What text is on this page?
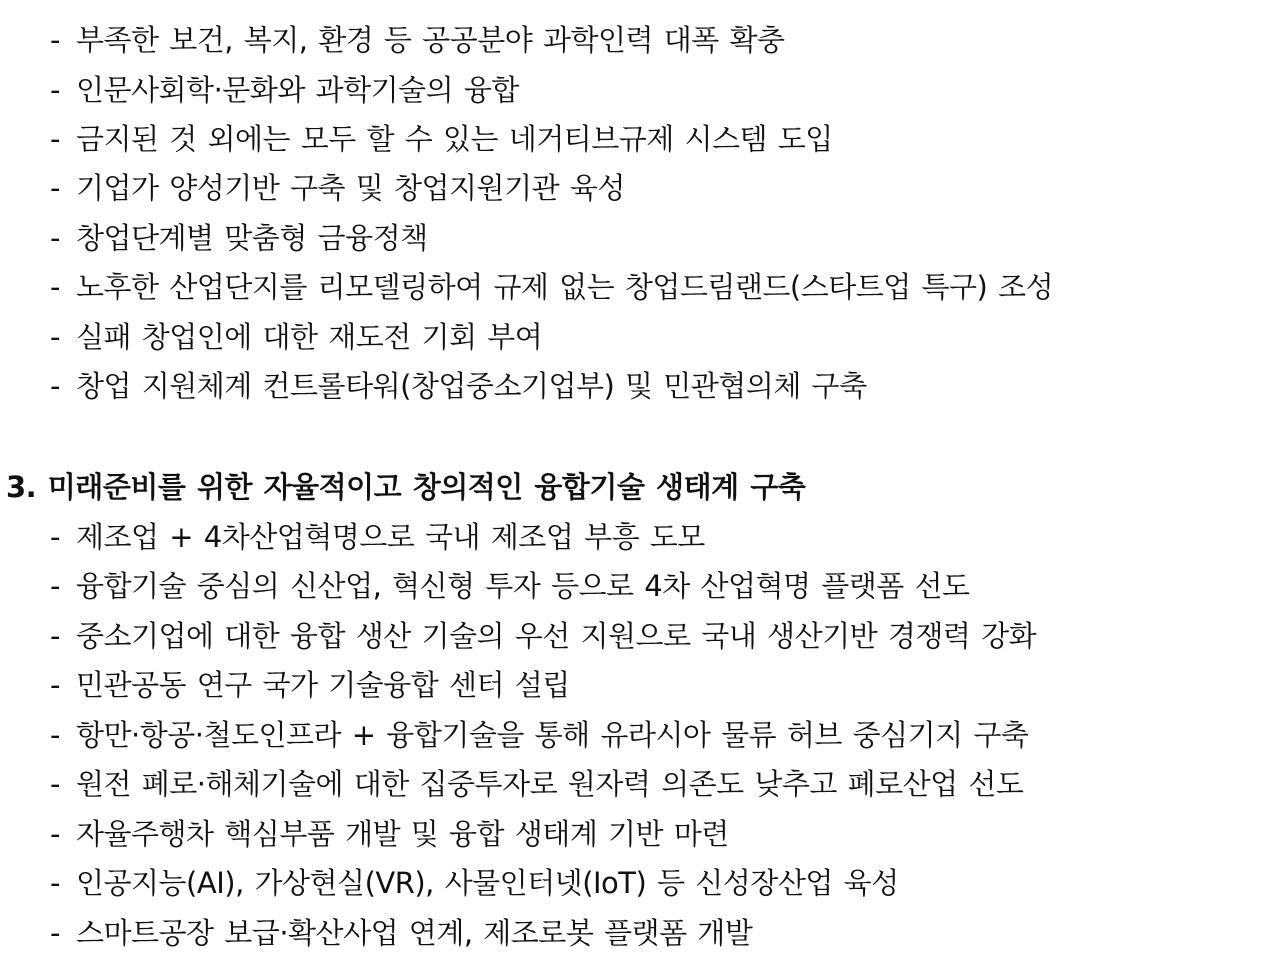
- 부족한 보건, 복지, 환경 등 공공분야 과학인력 대폭 확충
- 인문사회학·문화와 과학기술의 융합
- 금지된 것 외에는 모두 할 수 있는 네거티브규제 시스템 도입
- 기업가 양성기반 구축 및 창업지원기관 육성
- 창업단계별 맞춤형 금융정책
- 노후한 산업단지를 리모델링하여 규제 없는 창업드림랜드(스타트업 특구) 조성
- 실패 창업인에 대한 재도전 기회 부여
- 창업 지원체계 컨트롤타워(창업중소기업부) 및 민관협의체 구축
3. 미래준비를 위한 자율적이고 창의적인 융합기술 생태계 구축
- 제조업 + 4차산업혁명으로 국내 제조업 부흥 도모
- 융합기술 중심의 신산업, 혁신형 투자 등으로 4차 산업혁명 플랫폼 선도
- 중소기업에 대한 융합 생산 기술의 우선 지원으로 국내 생산기반 경쟁력 강화
- 민관공동 연구 국가 기술융합 센터 설립
- 항만·항공·철도인프라 + 융합기술을 통해 유라시아 물류 허브 중심기지 구축
- 원전 폐로·해체기술에 대한 집중투자로 원자력 의존도 낮추고 폐로산업 선도
- 자율주행차 핵심부품 개발 및 융합 생태계 기반 마련
- 인공지능(AI), 가상현실(VR), 사물인터넷(IoT) 등 신성장산업 육성
- 스마트공장 보급·확산사업 연계, 제조로봇 플랫폼 개발
